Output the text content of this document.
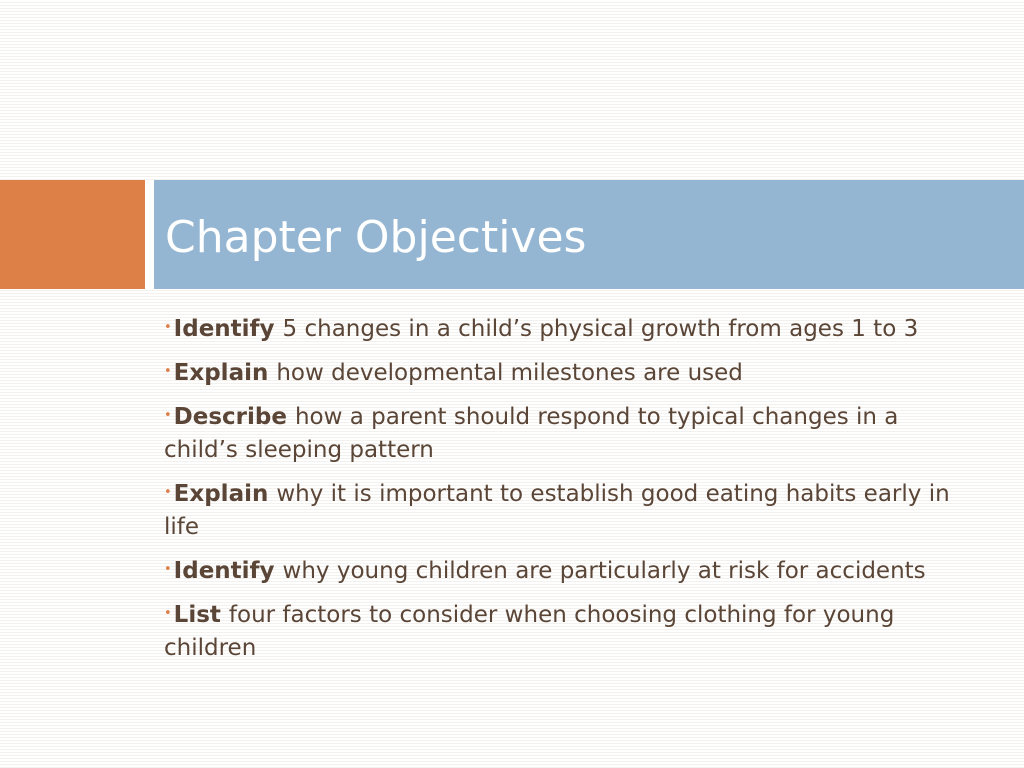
Chapter Objectives
•Identify 5 changes in a child’s physical growth from ages 1 to 3
•Explain how developmental milestones are used
•Describe how a parent should respond to typical changes in a child’s sleeping pattern
•Explain why it is important to establish good eating habits early in life
•Identify why young children are particularly at risk for accidents
•List four factors to consider when choosing clothing for young children
